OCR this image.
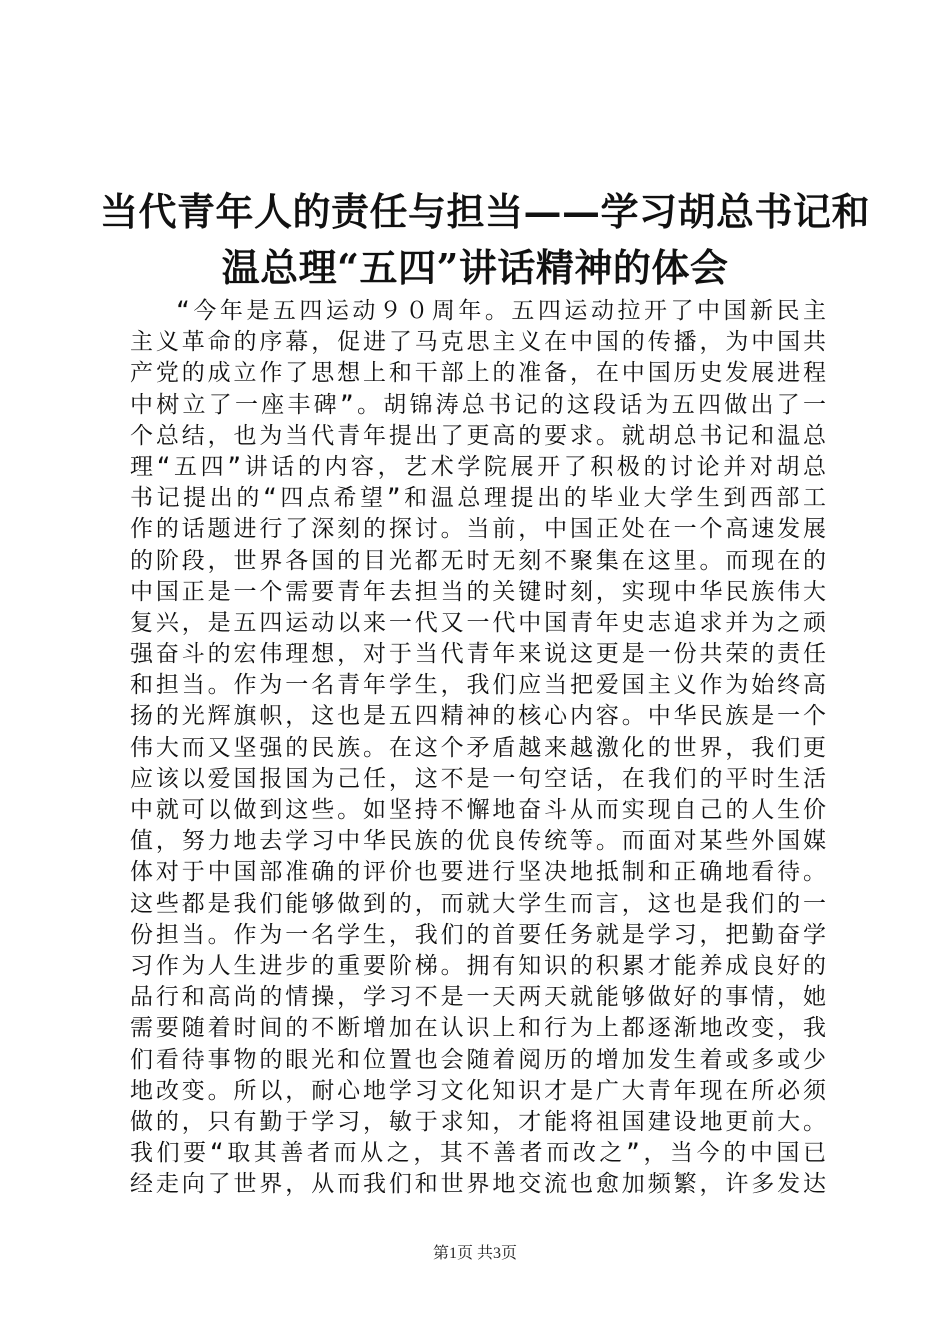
当代青年人的责任与担当——学习胡总书记和
温总理“五四”讲话精神的体会
“今年是五四运动９０周年。五四运动拉开了中国新民主
主义革命的序幕，促进了马克思主义在中国的传播，为中国共
产党的成立作了思想上和干部上的准备，在中国历史发展进程
中树立了一座丰碑”。胡锦涛总书记的这段话为五四做出了一
个总结，也为当代青年提出了更高的要求。就胡总书记和温总
理“五四”讲话的内容，艺术学院展开了积极的讨论并对胡总
书记提出的“四点希望”和温总理提出的毕业大学生到西部工
作的话题进行了深刻的探讨。当前，中国正处在一个高速发展
的阶段，世界各国的目光都无时无刻不聚集在这里。而现在的
中国正是一个需要青年去担当的关键时刻，实现中华民族伟大
复兴，是五四运动以来一代又一代中国青年史志追求并为之顽
强奋斗的宏伟理想，对于当代青年来说这更是一份共荣的责任
和担当。作为一名青年学生，我们应当把爱国主义作为始终高
扬的光辉旗帜，这也是五四精神的核心内容。中华民族是一个
伟大而又坚强的民族。在这个矛盾越来越激化的世界，我们更
应该以爱国报国为己任，这不是一句空话，在我们的平时生活
中就可以做到这些。如坚持不懈地奋斗从而实现自己的人生价
值，努力地去学习中华民族的优良传统等。而面对某些外国媒
体对于中国部准确的评价也要进行坚决地抵制和正确地看待。
这些都是我们能够做到的，而就大学生而言，这也是我们的一
份担当。作为一名学生，我们的首要任务就是学习，把勤奋学
习作为人生进步的重要阶梯。拥有知识的积累才能养成良好的
品行和高尚的情操，学习不是一天两天就能够做好的事情，她
需要随着时间的不断增加在认识上和行为上都逐渐地改变，我
们看待事物的眼光和位置也会随着阅历的增加发生着或多或少
地改变。所以，耐心地学习文化知识才是广大青年现在所必须
做的，只有勤于学习，敏于求知，才能将祖国建设地更前大。
我们要“取其善者而从之，其不善者而改之”，当今的中国已
经走向了世界，从而我们和世界地交流也愈加频繁，许多发达
第1页 共3页
